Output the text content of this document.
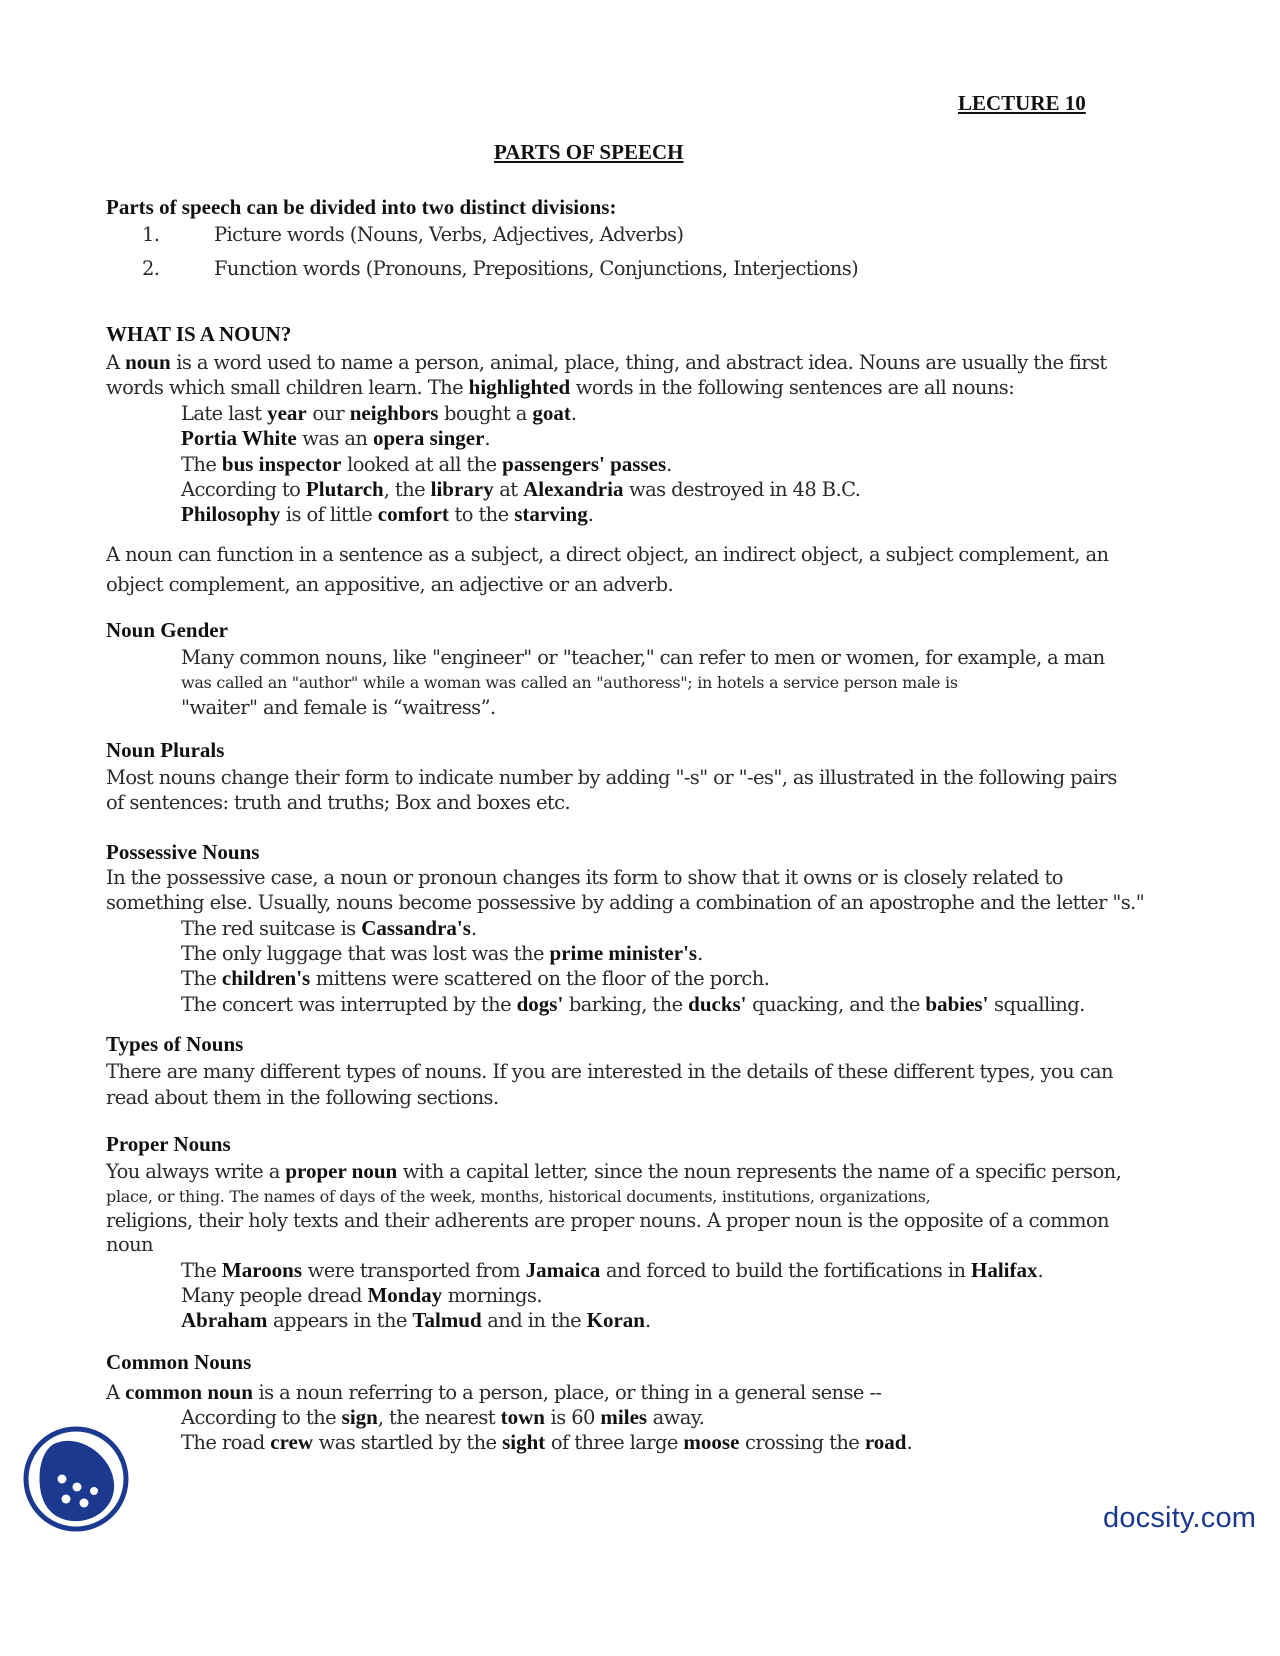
LECTURE 10
PARTS OF SPEECH
Parts of speech can be divided into two distinct divisions:
1.	Picture words (Nouns, Verbs, Adjectives, Adverbs)
2.	Function words (Pronouns, Prepositions, Conjunctions, Interjections)
WHAT IS A NOUN?
A noun is a word used to name a person, animal, place, thing, and abstract idea. Nouns are usually the first
words which small children learn. The highlighted words in the following sentences are all nouns:
Late last year our neighbors bought a goat.
Portia White was an opera singer.
The bus inspector looked at all the passengers' passes.
According to Plutarch, the library at Alexandria was destroyed in 48 B.C.
Philosophy is of little comfort to the starving.
A noun can function in a sentence as a subject, a direct object, an indirect object, a subject complement, an
object complement, an appositive, an adjective or an adverb.
Noun Gender
Many common nouns, like "engineer" or "teacher," can refer to men or women, for example, a man
was called an "author" while a woman was called an "authoress"; in hotels a service person male is
"waiter" and female is “waitress”.
Noun Plurals
Most nouns change their form to indicate number by adding "-s" or "-es", as illustrated in the following pairs
of sentences: truth and truths; Box and boxes etc.
Possessive Nouns
In the possessive case, a noun or pronoun changes its form to show that it owns or is closely related to
something else. Usually, nouns become possessive by adding a combination of an apostrophe and the letter "s."
The red suitcase is Cassandra's.
The only luggage that was lost was the prime minister's.
The children's mittens were scattered on the floor of the porch.
The concert was interrupted by the dogs' barking, the ducks' quacking, and the babies' squalling.
Types of Nouns
There are many different types of nouns. If you are interested in the details of these different types, you can
read about them in the following sections.
Proper Nouns
You always write a proper noun with a capital letter, since the noun represents the name of a specific person,
place, or thing. The names of days of the week, months, historical documents, institutions, organizations,
religions, their holy texts and their adherents are proper nouns. A proper noun is the opposite of a common
noun
The Maroons were transported from Jamaica and forced to build the fortifications in Halifax.
Many people dread Monday mornings.
Abraham appears in the Talmud and in the Koran.
Common Nouns
A common noun is a noun referring to a person, place, or thing in a general sense --
According to the sign, the nearest town is 60 miles away.
The road crew was startled by the sight of three large moose crossing the road.
docsity.com
